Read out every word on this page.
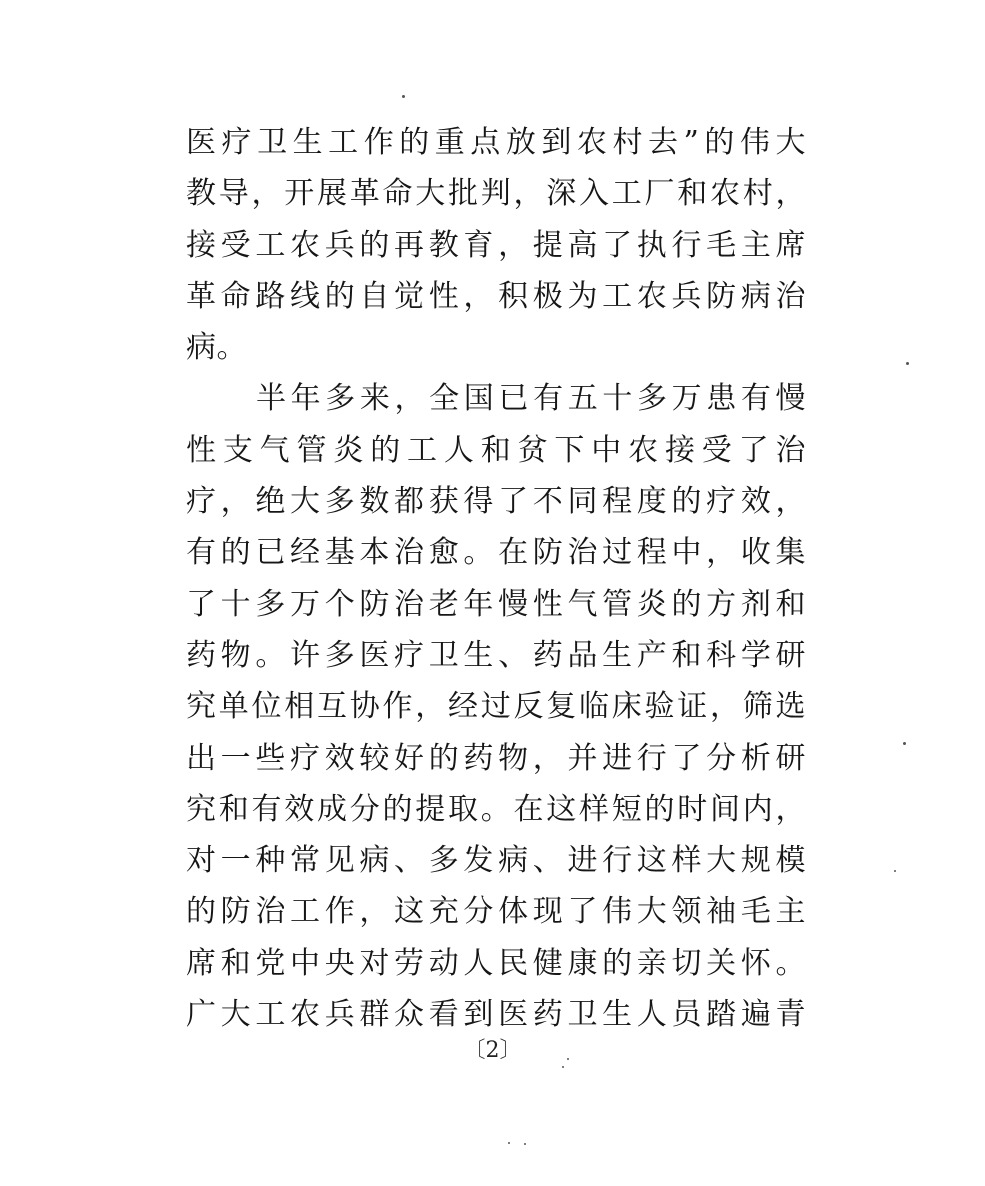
医疗卫生工作的重点放到农村去”的伟大
教导，开展革命大批判，深入工厂和农村，
接受工农兵的再教育，提高了执行毛主席
革命路线的自觉性，积极为工农兵防病治
病。
半年多来，全国已有五十多万患有慢
性支气管炎的工人和贫下中农接受了治
疗，绝大多数都获得了不同程度的疗效，
有的已经基本治愈。在防治过程中，收集
了十多万个防治老年慢性气管炎的方剂和
药物。许多医疗卫生、药品生产和科学研
究单位相互协作，经过反复临床验证，筛选
出一些疗效较好的药物，并进行了分析研
究和有效成分的提取。在这样短的时间内，
对一种常见病、多发病、进行这样大规模
的防治工作，这充分体现了伟大领袖毛主
席和党中央对劳动人民健康的亲切关怀。
广大工农兵群众看到医药卫生人员踏遍青
〔2〕
